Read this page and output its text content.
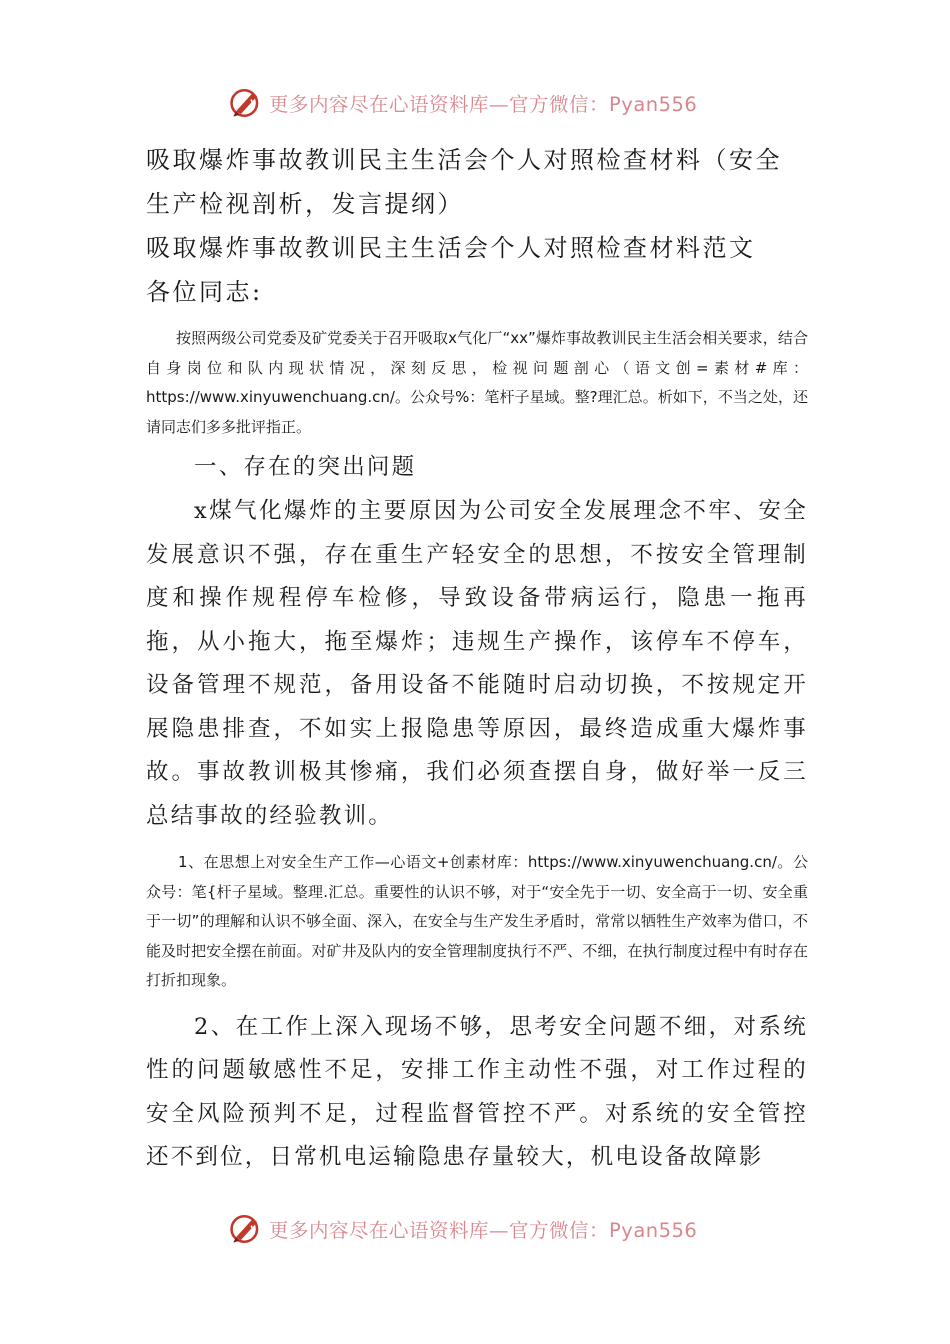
更多内容尽在心语资料库—官方微信：Pyan556

吸取爆炸事故教训民主生活会个人对照检查材料（安全生产检视剖析，发言提纲）

吸取爆炸事故教训民主生活会个人对照检查材料范文

各位同志:

按照两级公司党委及矿党委关于召开吸取x气化厂“xx”爆炸事故教训民主生活会相关要求，结合自身岗位和队内现状情况，深刻反思，检视问题剖心（语文创=素材#库：https://www.xinyuwenchuang.cn/。公众号%：笔杆子星域。整?理汇总。析如下，不当之处，还请同志们多多批评指正。

一、存在的突出问题

x煤气化爆炸的主要原因为公司安全发展理念不牢、安全发展意识不强，存在重生产轻安全的思想，不按安全管理制度和操作规程停车检修，导致设备带病运行，隐患一拖再拖，从小拖大，拖至爆炸；违规生产操作，该停车不停车，设备管理不规范，备用设备不能随时启动切换，不按规定开展隐患排查，不如实上报隐患等原因，最终造成重大爆炸事故。事故教训极其惨痛，我们必须查摆自身，做好举一反三总结事故的经验教训。

1、在思想上对安全生产工作—心语文+创素材库：https://www.xinyuwenchuang.cn/。公众号：笔{杆子星域。整理.汇总。重要性的认识不够，对于“安全先于一切、安全高于一切、安全重于一切”的理解和认识不够全面、深入，在安全与生产发生矛盾时，常常以牺牲生产效率为借口，不能及时把安全摆在前面。对矿井及队内的安全管理制度执行不严、不细，在执行制度过程中有时存在打折扣现象。

2、在工作上深入现场不够，思考安全问题不细，对系统性的问题敏感性不足，安排工作主动性不强，对工作过程的安全风险预判不足，过程监督管控不严。对系统的安全管控还不到位，日常机电运输隐患存量较大，机电设备故障影

更多内容尽在心语资料库—官方微信：Pyan556
